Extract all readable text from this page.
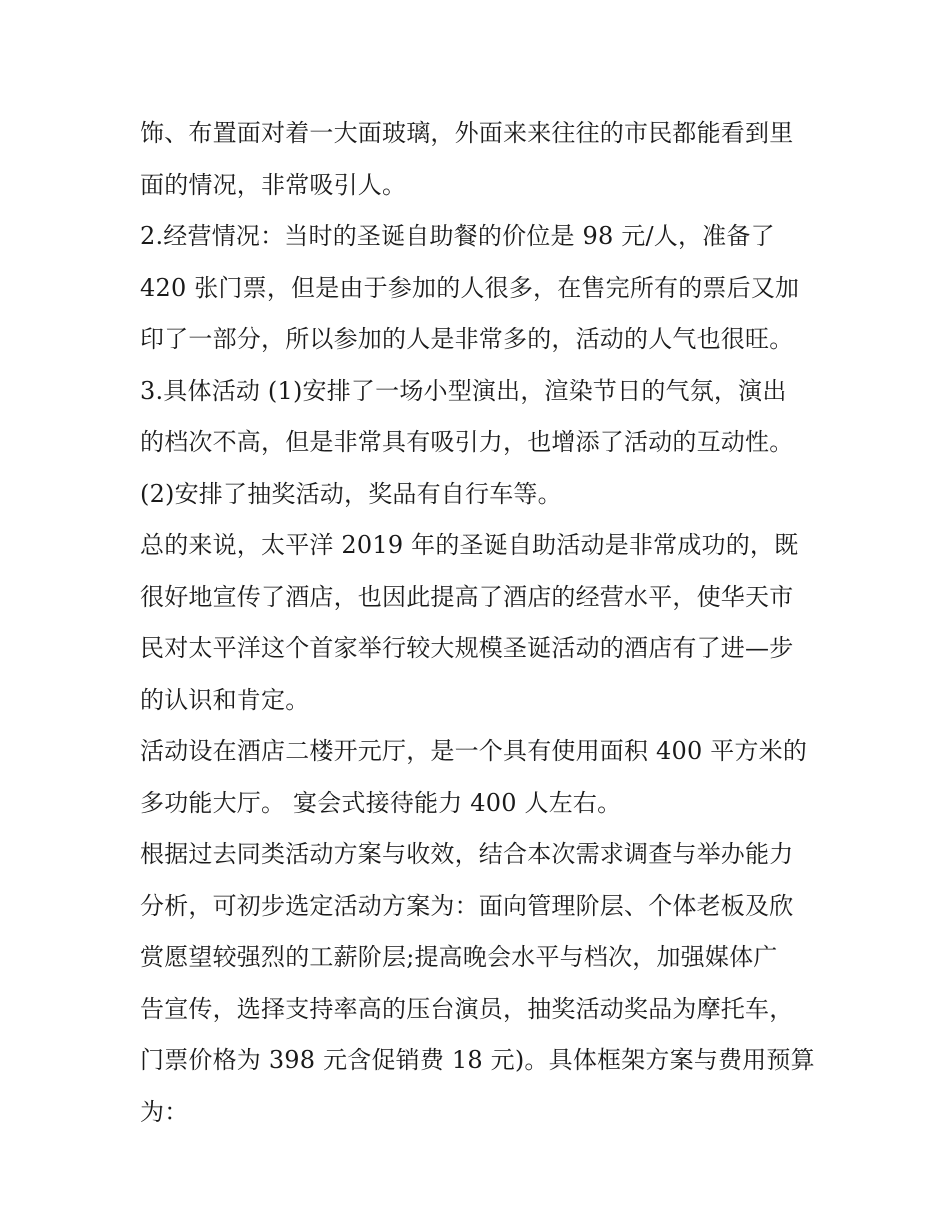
饰、布置面对着一大面玻璃，外面来来往往的市民都能看到里
面的情况，非常吸引人。
2.经营情况：当时的圣诞自助餐的价位是 98 元/人，准备了
420 张门票，但是由于参加的人很多，在售完所有的票后又加
印了一部分，所以参加的人是非常多的，活动的人气也很旺。
3.具体活动 (1)安排了一场小型演出，渲染节日的气氛，演出
的档次不高，但是非常具有吸引力，也增添了活动的互动性。
(2)安排了抽奖活动，奖品有自行车等。
总的来说，太平洋 2019 年的圣诞自助活动是非常成功的，既
很好地宣传了酒店，也因此提高了酒店的经营水平，使华天市
民对太平洋这个首家举行较大规模圣诞活动的酒店有了进—步
的认识和肯定。
活动设在酒店二楼开元厅，是一个具有使用面积 400 平方米的
多功能大厅。 宴会式接待能力 400 人左右。
根据过去同类活动方案与收效，结合本次需求调查与举办能力
分析，可初步选定活动方案为：面向管理阶层、个体老板及欣
赏愿望较强烈的工薪阶层;提高晚会水平与档次，加强媒体广
告宣传，选择支持率高的压台演员，抽奖活动奖品为摩托车，
门票价格为 398 元含促销费 18 元)。具体框架方案与费用预算
为：
